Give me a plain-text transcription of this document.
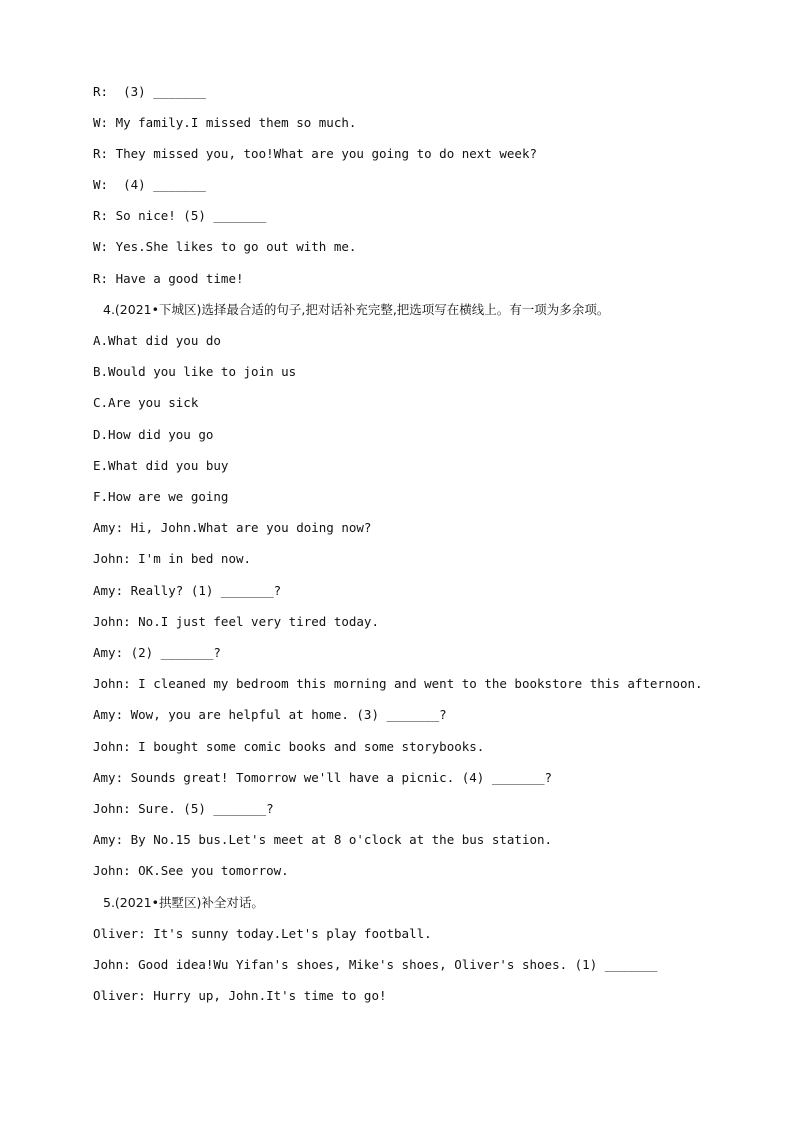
R:  (3) _______
W: My family.I missed them so much.
R: They missed you, too!What are you going to do next week?
W:  (4) _______
R: So nice! (5) _______
W: Yes.She likes to go out with me.
R: Have a good time!
4.(2021•下城区)选择最合适的句子,把对话补充完整,把选项写在横线上。有一项为多余项。
A.What did you do
B.Would you like to join us
C.Are you sick
D.How did you go
E.What did you buy
F.How are we going
Amy: Hi, John.What are you doing now?
John: I'm in bed now.
Amy: Really? (1) _______?
John: No.I just feel very tired today.
Amy: (2) _______?
John: I cleaned my bedroom this morning and went to the bookstore this afternoon.
Amy: Wow, you are helpful at home. (3) _______?
John: I bought some comic books and some storybooks.
Amy: Sounds great! Tomorrow we'll have a picnic. (4) _______?
John: Sure. (5) _______?
Amy: By No.15 bus.Let's meet at 8 o'clock at the bus station.
John: OK.See you tomorrow.
5.(2021•拱墅区)补全对话。
Oliver: It's sunny today.Let's play football.
John: Good idea!Wu Yifan's shoes, Mike's shoes, Oliver's shoes. (1) _______
Oliver: Hurry up, John.It's time to go!
